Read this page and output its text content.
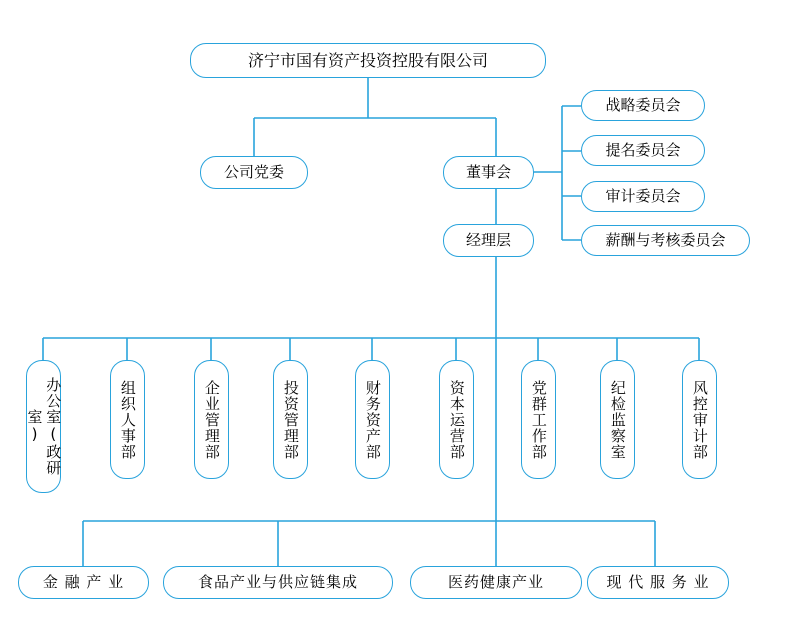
济宁市国有资产投资控股有限公司
公司党委	董事会
经理层
战略委员会
提名委员会
审计委员会
薪酬与考核委员会
办公室(政研室)	组织人事部	企业管理部	投资管理部	财务资产部	资本运营部	党群工作部	纪检监察室	风控审计部
金 融 产 业	食品产业与供应链集成	医药健康产业	现 代 服 务 业
